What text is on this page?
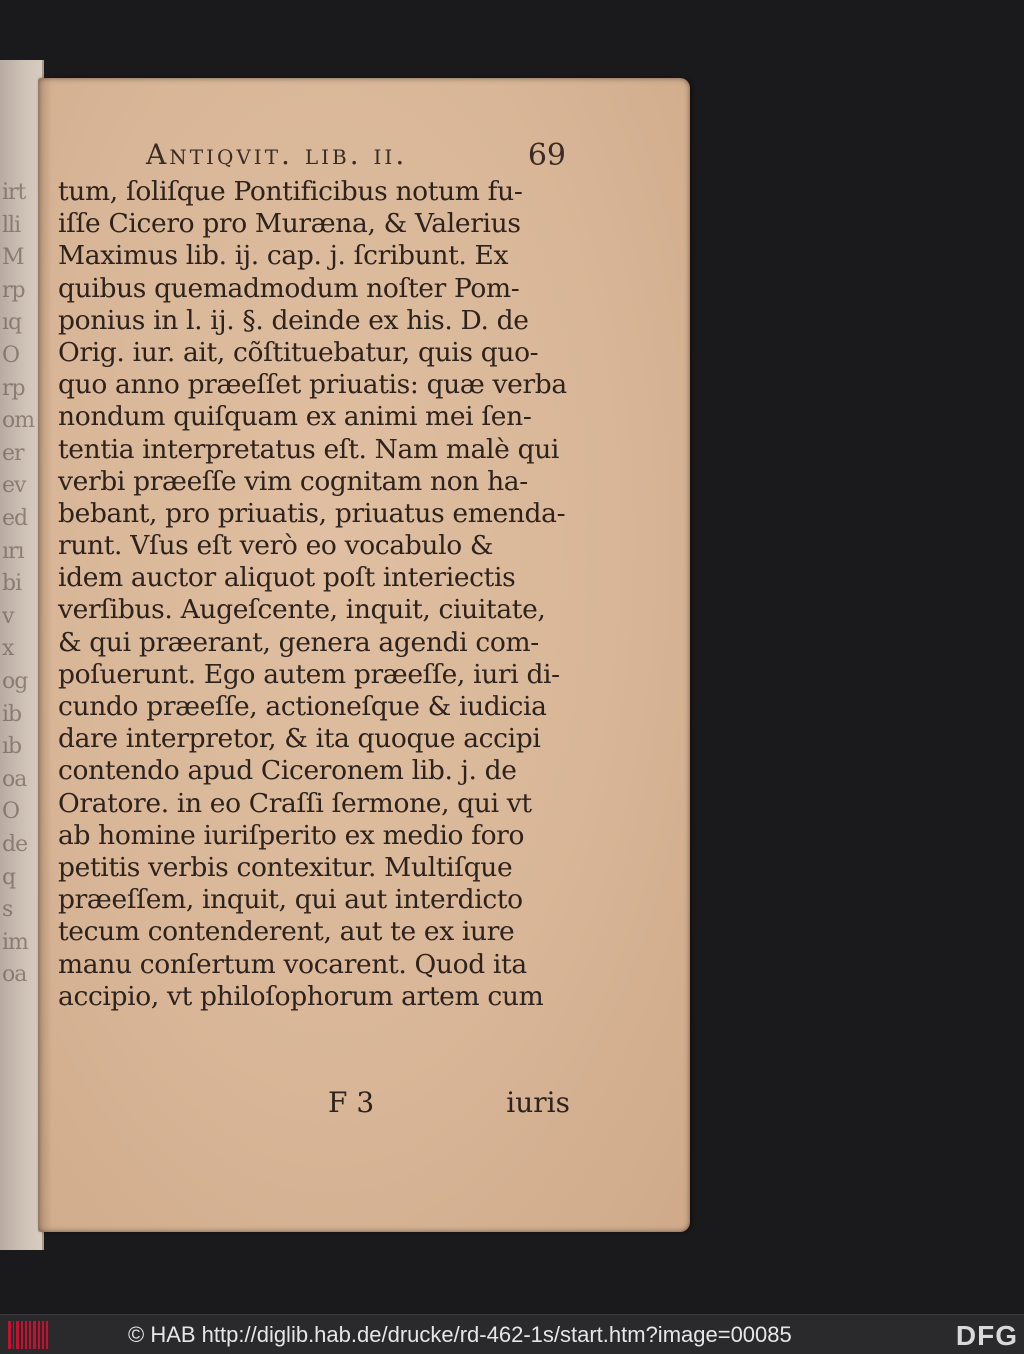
irt
lli
M
rp
ıq
O
rp
om
er
ev
ed
ırı
bi
v
x
og
ib
ıb
oa
O
de
q
s
im
oa
Antiqvit. lib. ii.	69
tum, ſoliſque Pontificibus notum fu-
iſſe Cicero pro Muræna, & Valerius
Maximus lib. ij. cap. j. ſcribunt. Ex
quibus quemadmodum noſter Pom-
ponius in l. ij. §. deinde ex his. D. de
Orig. iur. ait, cõſtituebatur, quis quo-
quo anno præeſſet priuatis: quæ verba
nondum quiſquam ex animi mei ſen-
tentia interpretatus eſt. Nam malè qui
verbi præeſſe vim cognitam non ha-
bebant, pro priuatis, priuatus emenda-
runt. Vſus eſt verò eo vocabulo &
idem auctor aliquot poſt interiectis
verſibus. Augeſcente, inquit, ciuitate,
& qui præerant, genera agendi com-
poſuerunt. Ego autem præeſſe, iuri di-
cundo præeſſe, actioneſque & iudicia
dare interpretor, & ita quoque accipi
contendo apud Ciceronem lib. j. de
Oratore. in eo Craſſi ſermone, qui vt
ab homine iuriſperito ex medio foro
petitis verbis contexitur. Multiſque
præeſſem, inquit, qui aut interdicto
tecum contenderent, aut te ex iure
manu conſertum vocarent. Quod ita
accipio, vt philoſophorum artem cum
F 3	iuris
© HAB http://diglib.hab.de/drucke/rd-462-1s/start.htm?image=00085	DFG
